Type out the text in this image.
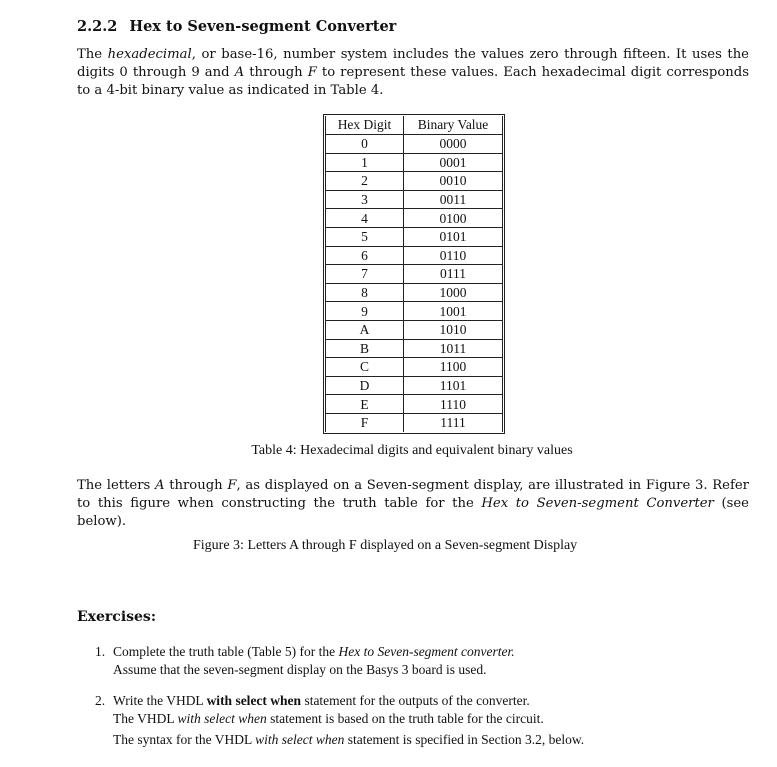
2.2.2 Hex to Seven-segment Converter
The hexadecimal, or base-16, number system includes the values zero through fifteen. It uses the digits 0 through 9 and A through F to represent these values. Each hexadecimal digit corresponds to a 4-bit binary value as indicated in Table 4.
Hex Digit	Binary Value
0	0000
1	0001
2	0010
3	0011
4	0100
5	0101
6	0110
7	0111
8	1000
9	1001
A	1010
B	1011
C	1100
D	1101
E	1110
F	1111
Table 4: Hexadecimal digits and equivalent binary values
The letters A through F, as displayed on a Seven-segment display, are illustrated in Figure 3. Refer to this figure when constructing the truth table for the Hex to Seven-segment Converter (see below).
Figure 3: Letters A through F displayed on a Seven-segment Display
Exercises:
1. Complete the truth table (Table 5) for the Hex to Seven-segment converter.
Assume that the seven-segment display on the Basys 3 board is used.
2. Write the VHDL with select when statement for the outputs of the converter.
The VHDL with select when statement is based on the truth table for the circuit.
The syntax for the VHDL with select when statement is specified in Section 3.2, below.
